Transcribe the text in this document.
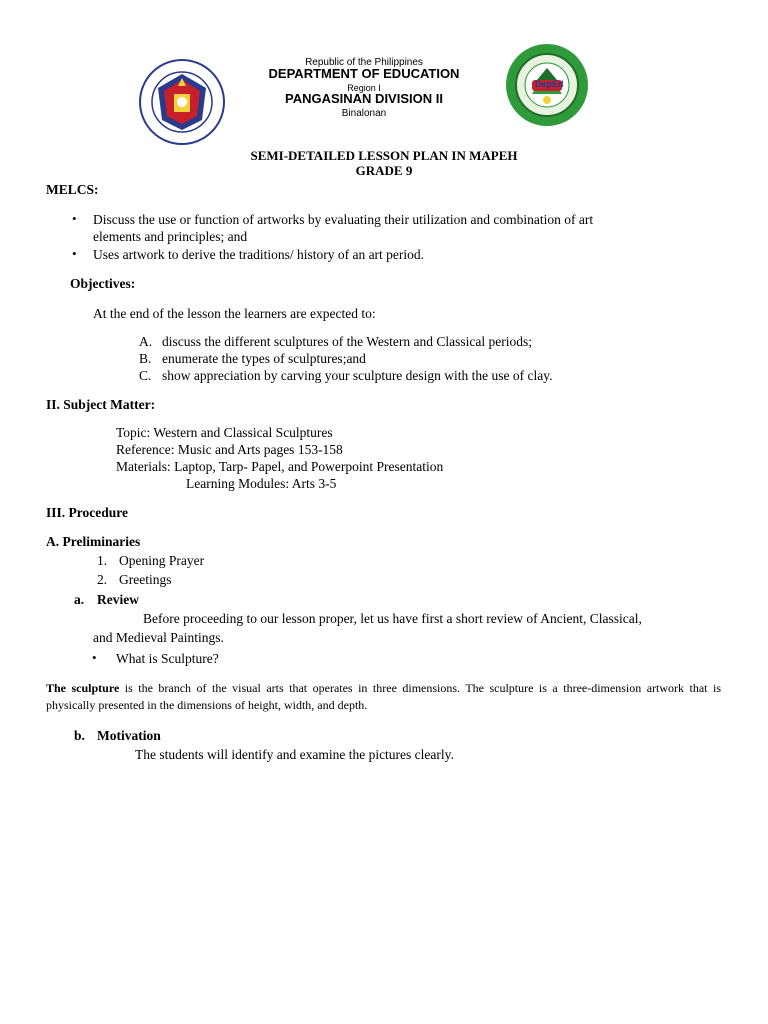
DepEd
Republic of the Philippines
DEPARTMENT OF EDUCATION
Region I
PANGASINAN DIVISION II
Binalonan
SEMI-DETAILED LESSON PLAN IN MAPEH
GRADE 9
MELCS:
• Discuss the use or function of artworks by evaluating their utilization and combination of art
elements and principles; and
• Uses artwork to derive the traditions/ history of an art period.
Objectives:
At the end of the lesson the learners are expected to:
A. discuss the different sculptures of the Western and Classical periods;
B. enumerate the types of sculptures;and
C. show appreciation by carving your sculpture design with the use of clay.
II. Subject Matter:
Topic: Western and Classical Sculptures
Reference: Music and Arts pages 153-158
Materials: Laptop, Tarp- Papel, and Powerpoint Presentation
Learning Modules: Arts 3-5
III. Procedure
A. Preliminaries
1. Opening Prayer
2. Greetings
a. Review
Before proceeding to our lesson proper, let us have first a short review of Ancient, Classical,
and Medieval Paintings.
• What is Sculpture?
The sculpture is the branch of the visual arts that operates in three dimensions. The sculpture is a three-dimension artwork that is physically presented in the dimensions of height, width, and depth.
b. Motivation
The students will identify and examine the pictures clearly.
